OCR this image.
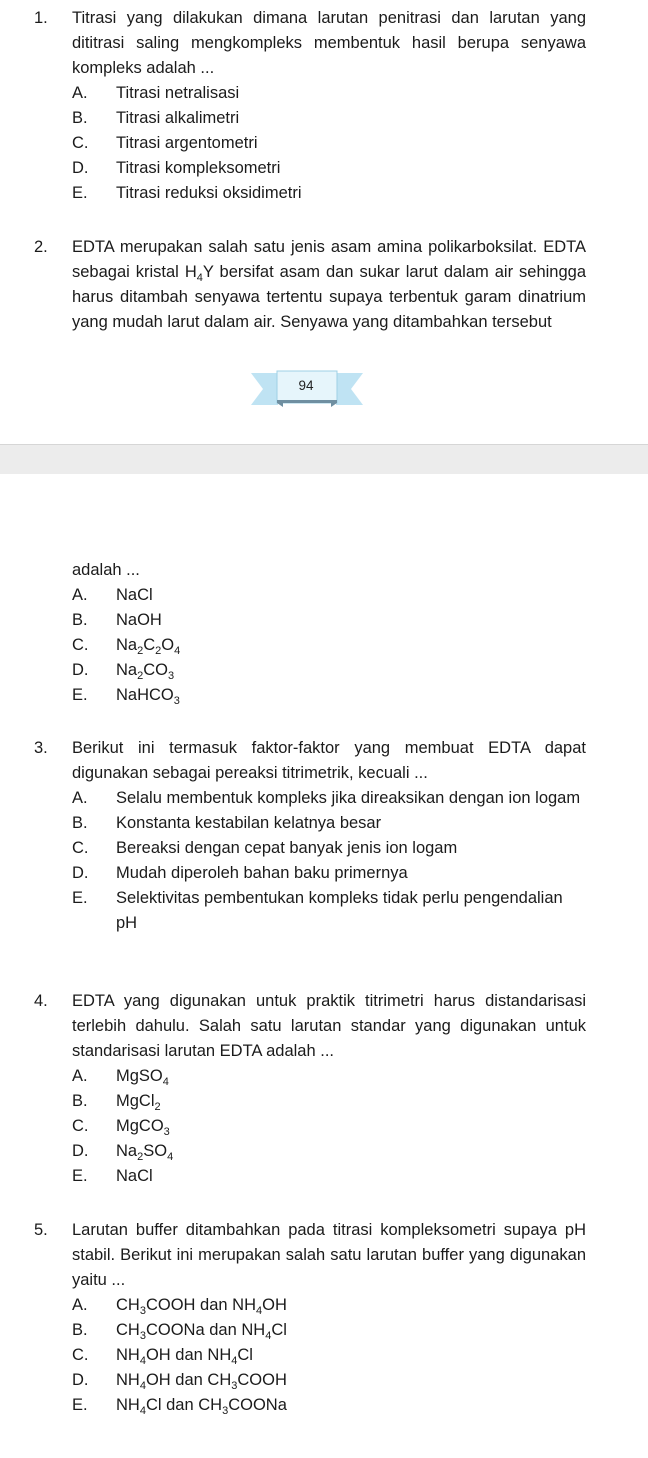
1.	Titrasi yang dilakukan dimana larutan penitrasi dan larutan yang dititrasi saling mengkompleks membentuk hasil berupa senyawa kompleks adalah ...
A.	Titrasi netralisasi
B.	Titrasi alkalimetri
C.	Titrasi argentometri
D.	Titrasi kompleksometri
E.	Titrasi reduksi oksidimetri
2.	EDTA merupakan salah satu jenis asam amina polikarboksilat. EDTA sebagai kristal $H_4Y$ bersifat asam dan sukar larut dalam air sehingga harus ditambah senyawa tertentu supaya terbentuk garam dinatrium yang mudah larut dalam air. Senyawa yang ditambahkan tersebut
94
adalah ...
A.	NaCl
B.	NaOH
C.	$Na_2C_2O_4$
D.	$Na_2CO_3$
E.	NaHCO$_3$
3.	Berikut ini termasuk faktor-faktor yang membuat EDTA dapat digunakan sebagai pereaksi titrimetrik, kecuali ...
A.	Selalu membentuk kompleks jika direaksikan dengan ion logam
B.	Konstanta kestabilan kelatnya besar
C.	Bereaksi dengan cepat banyak jenis ion logam
D.	Mudah diperoleh bahan baku primernya
E.	Selektivitas pembentukan kompleks tidak perlu pengendalian pH
4.	EDTA yang digunakan untuk praktik titrimetri harus distandarisasi terlebih dahulu. Salah satu larutan standar yang digunakan untuk standarisasi larutan EDTA adalah ...
A.	MgSO$_4$
B.	MgCl$_2$
C.	MgCO$_3$
D.	$Na_2SO_4$
E.	NaCl
5.	Larutan buffer ditambahkan pada titrasi kompleksometri supaya pH stabil. Berikut ini merupakan salah satu larutan buffer yang digunakan yaitu ...
A.	$CH_3COOH$ dan $NH_4OH$
B.	$CH_3COONa$ dan $NH_4Cl$
C.	$NH_4OH$ dan $NH_4Cl$
D.	$NH_4OH$ dan $CH_3COOH$
E.	$NH_4Cl$ dan $CH_3COONa$
